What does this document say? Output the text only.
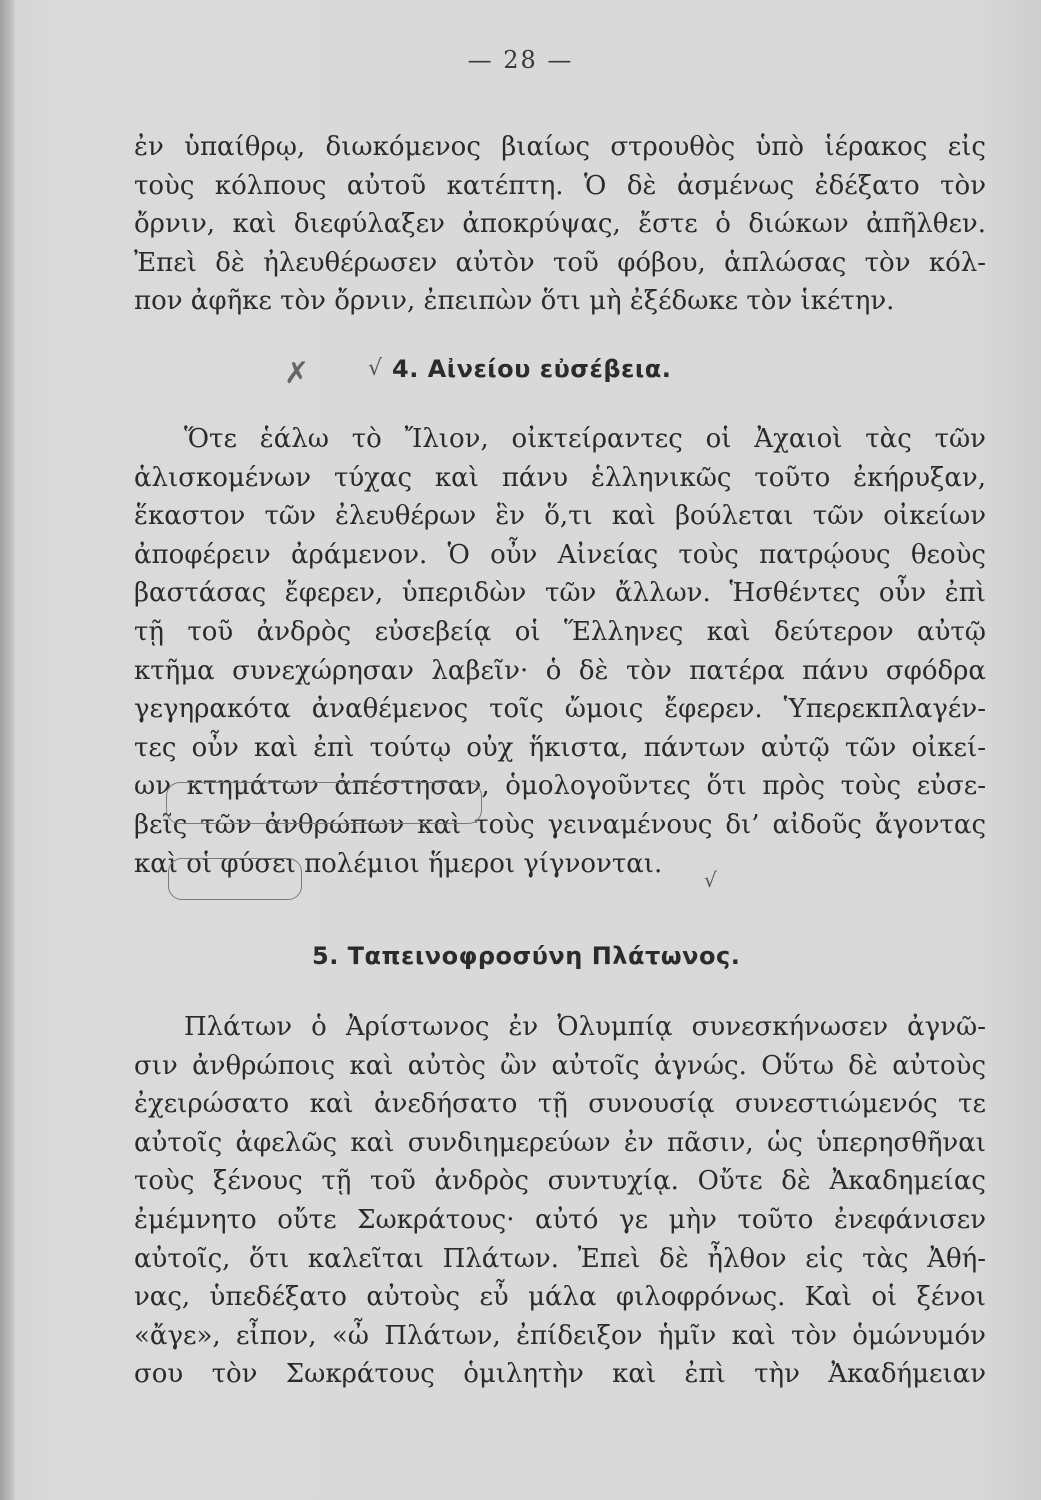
— 28 —
ἐν ὑπαίθρῳ, διωκόμενος βιαίως στρουθὸς ὑπὸ ἱέρακος εἰς
τοὺς κόλπους αὐτοῦ κατέπτη. Ὁ δὲ ἀσμένως ἐδέξατο τὸν
ὄρνιν, καὶ διεφύλαξεν ἀποκρύψας, ἔστε ὁ διώκων ἀπῆλθεν.
Ἐπεὶ δὲ ἠλευθέρωσεν αὐτὸν τοῦ φόβου, ἁπλώσας τὸν κόλ-
πον ἀφῆκε τὸν ὄρνιν, ἐπειπὼν ὅτι μὴ ἐξέδωκε τὸν ἱκέτην.
✗	√ 4. Αἰνείου εὐσέβεια.
Ὅτε ἑάλω τὸ Ἴλιον, οἰκτείραντες οἱ Ἀχαιοὶ τὰς τῶν
ἁλισκομένων τύχας καὶ πάνυ ἑλληνικῶς τοῦτο ἐκήρυξαν,
ἕκαστον τῶν ἐλευθέρων ἓν ὅ,τι καὶ βούλεται τῶν οἰκείων
ἀποφέρειν ἀράμενον. Ὁ οὖν Αἰνείας τοὺς πατρῴους θεοὺς
βαστάσας ἔφερεν, ὑπεριδὼν τῶν ἄλλων. Ἡσθέντες οὖν ἐπὶ
τῇ τοῦ ἀνδρὸς εὐσεβείᾳ οἱ Ἕλληνες καὶ δεύτερον αὐτῷ
κτῆμα συνεχώρησαν λαβεῖν· ὁ δὲ τὸν πατέρα πάνυ σφόδρα
γεγηρακότα ἀναθέμενος τοῖς ὤμοις ἔφερεν. Ὑπερεκπλαγέν-
τες οὖν καὶ ἐπὶ τούτῳ οὐχ ἥκιστα, πάντων αὐτῷ τῶν οἰκεί-
ων κτημάτων ἀπέστησαν, ὁμολογοῦντες ὅτι πρὸς τοὺς εὐσε-
βεῖς τῶν ἀνθρώπων καὶ τοὺς γειναμένους δι’ αἰδοῦς ἄγοντας
καὶ οἱ φύσει πολέμιοι ἥμεροι γίγνονται.
√
5. Ταπεινοφροσύνη Πλάτωνος.
Πλάτων ὁ Ἀρίστωνος ἐν Ὀλυμπίᾳ συνεσκήνωσεν ἀγνῶ-
σιν ἀνθρώποις καὶ αὐτὸς ὢν αὐτοῖς ἀγνώς. Οὕτω δὲ αὐτοὺς
ἐχειρώσατο καὶ ἀνεδήσατο τῇ συνουσίᾳ συνεστιώμενός τε
αὐτοῖς ἀφελῶς καὶ συνδιημερεύων ἐν πᾶσιν, ὡς ὑπερησθῆναι
τοὺς ξένους τῇ τοῦ ἀνδρὸς συντυχίᾳ. Οὔτε δὲ Ἀκαδημείας
ἐμέμνητο οὔτε Σωκράτους· αὐτό γε μὴν τοῦτο ἐνεφάνισεν
αὐτοῖς, ὅτι καλεῖται Πλάτων. Ἐπεὶ δὲ ἦλθον εἰς τὰς Ἀθή-
νας, ὑπεδέξατο αὐτοὺς εὖ μάλα φιλοφρόνως. Καὶ οἱ ξένοι
«ἄγε», εἶπον, «ὦ Πλάτων, ἐπίδειξον ἡμῖν καὶ τὸν ὁμώνυμόν
σου τὸν Σωκράτους ὁμιλητὴν καὶ ἐπὶ τὴν Ἀκαδήμειαν
